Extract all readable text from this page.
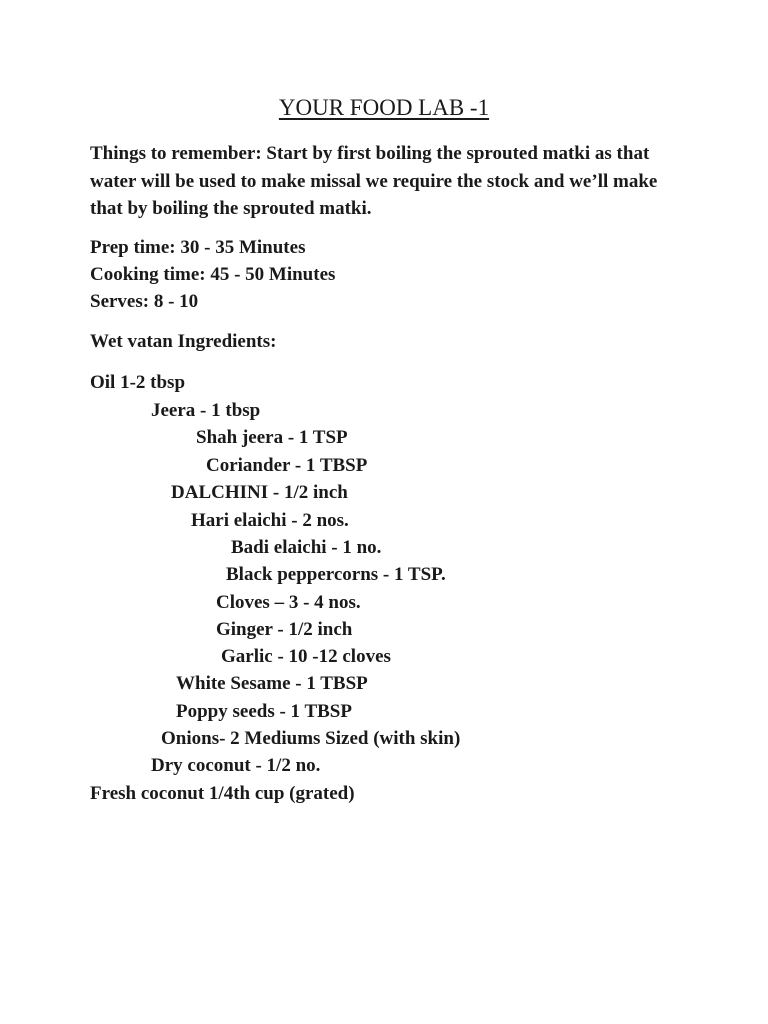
YOUR FOOD LAB -1

Things to remember: Start by first boiling the sprouted matki as that water will be used to make missal we require the stock and we’ll make that by boiling the sprouted matki.

Prep time: 30 - 35 Minutes

Cooking time: 45 - 50 Minutes

Serves: 8 - 10

Wet vatan Ingredients:

Oil 1-2 tbsp

Jeera - 1 tbsp

Shah jeera - 1 TSP

Coriander - 1 TBSP

DALCHINI - 1/2 inch

Hari elaichi - 2 nos.

Badi elaichi - 1 no.

Black peppercorns - 1 TSP.

Cloves – 3 - 4 nos.

Ginger - 1/2 inch

Garlic - 10 -12 cloves

White Sesame - 1 TBSP

Poppy seeds - 1 TBSP

Onions- 2 Mediums Sized (with skin)

Dry coconut - 1/2 no.

Fresh coconut 1/4th cup (grated)
